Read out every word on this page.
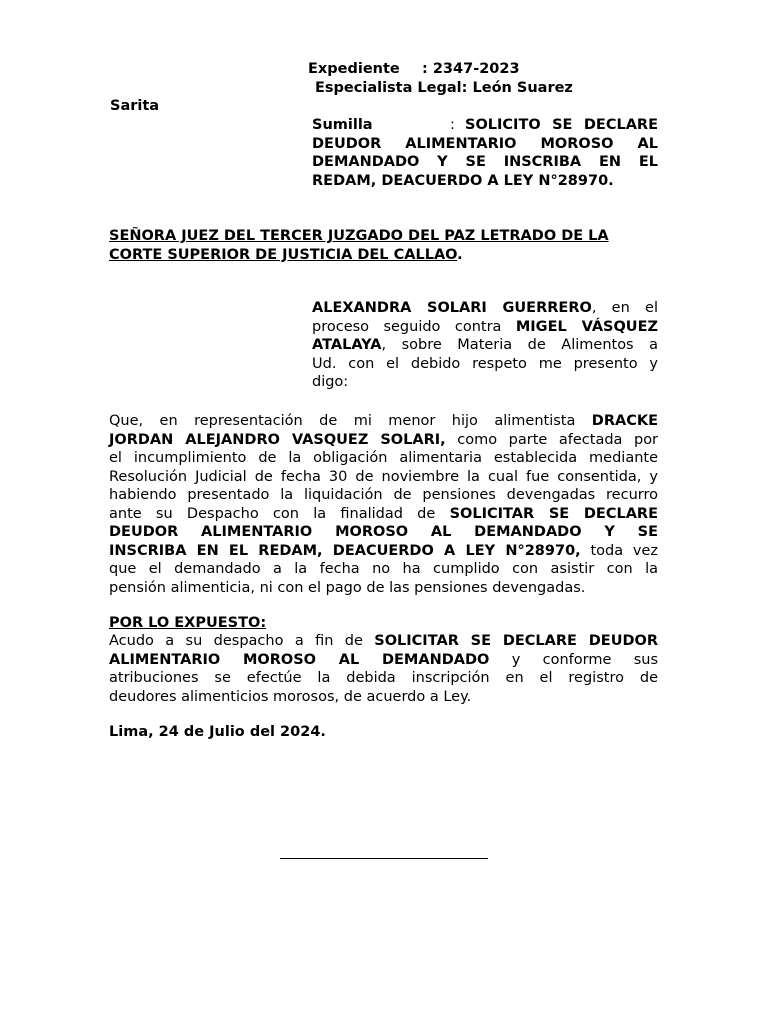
Expediente : 2347-2023
Especialista Legal: León Suarez
Sarita
Sumilla	: SOLICITO SE DECLARE
DEUDOR ALIMENTARIO MOROSO AL
DEMANDADO Y SE INSCRIBA EN EL
REDAM, DEACUERDO A LEY N°28970.
SEÑORA JUEZ DEL TERCER JUZGADO DEL PAZ LETRADO DE LA
CORTE SUPERIOR DE JUSTICIA DEL CALLAO.
ALEXANDRA SOLARI GUERRERO, en el
proceso seguido contra MIGEL VÁSQUEZ
ATALAYA, sobre Materia de Alimentos a
Ud. con el debido respeto me presento y
digo:
Que, en representación de mi menor hijo alimentista DRACKE
JORDAN ALEJANDRO VASQUEZ SOLARI, como parte afectada por
el incumplimiento de la obligación alimentaria establecida mediante
Resolución Judicial de fecha 30 de noviembre la cual fue consentida, y
habiendo presentado la liquidación de pensiones devengadas recurro
ante su Despacho con la finalidad de SOLICITAR SE DECLARE
DEUDOR ALIMENTARIO MOROSO AL DEMANDADO Y SE
INSCRIBA EN EL REDAM, DEACUERDO A LEY N°28970, toda vez
que el demandado a la fecha no ha cumplido con asistir con la
pensión alimenticia, ni con el pago de las pensiones devengadas.
POR LO EXPUESTO:
Acudo a su despacho a fin de SOLICITAR SE DECLARE DEUDOR
ALIMENTARIO MOROSO AL DEMANDADO y conforme sus
atribuciones se efectúe la debida inscripción en el registro de
deudores alimenticios morosos, de acuerdo a Ley.
Lima, 24 de Julio del 2024.
